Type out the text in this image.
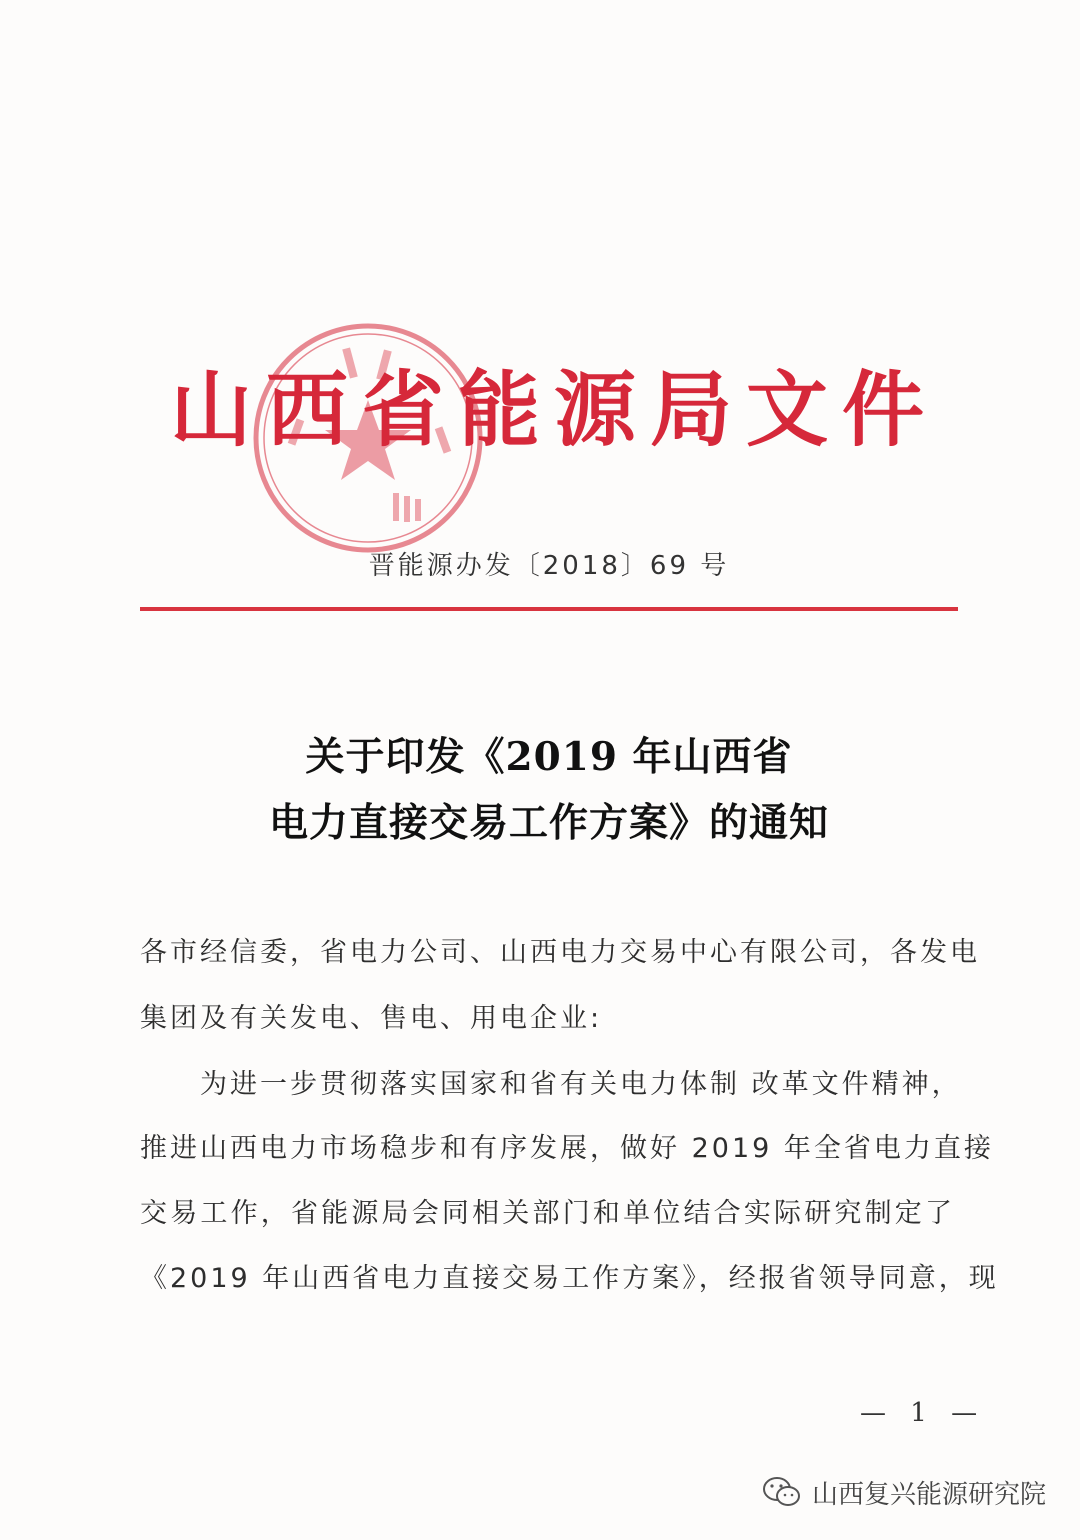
山西省能源局文件
晋能源办发〔2018〕69 号
关于印发《2019 年山西省
电力直接交易工作方案》的通知
各市经信委，省电力公司、山西电力交易中心有限公司，各发电
集团及有关发电、售电、用电企业:
为进一步贯彻落实国家和省有关电力体制 改革文件精神，
推进山西电力市场稳步和有序发展，做好 2019 年全省电力直接
交易工作，省能源局会同相关部门和单位结合实际研究制定了
《2019 年山西省电力直接交易工作方案》，经报省领导同意，现
— 1 —
山西复兴能源研究院
